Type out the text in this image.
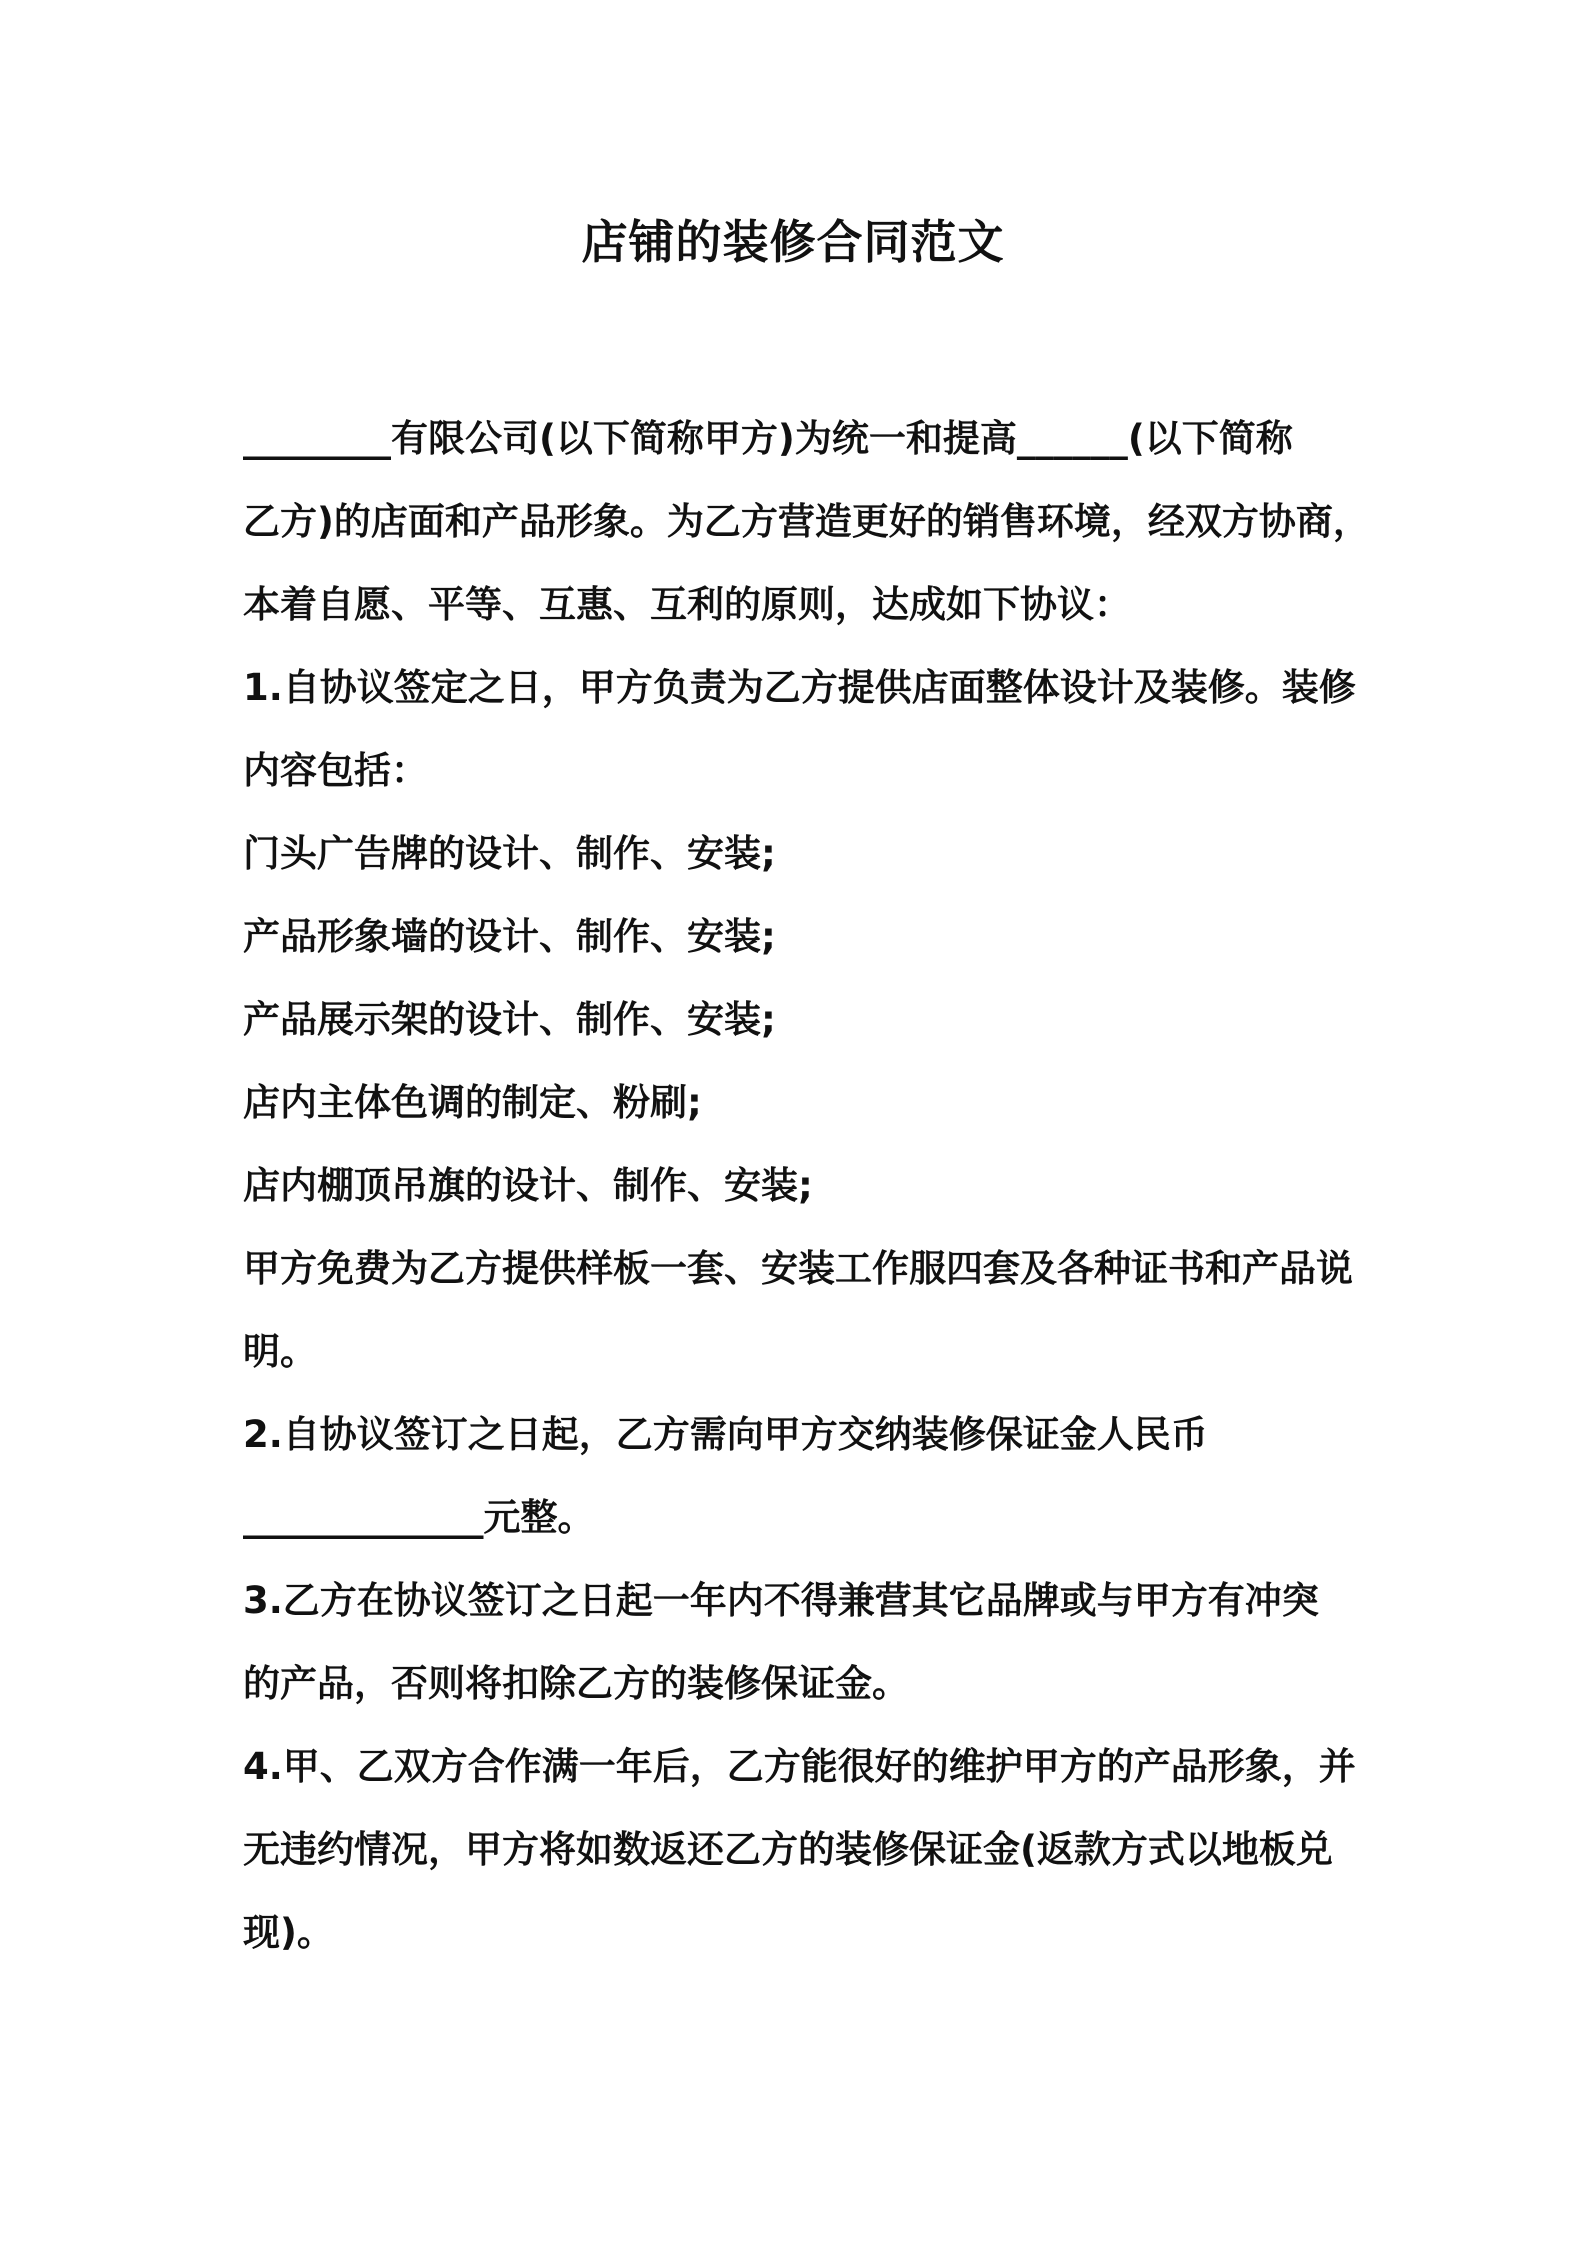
店铺的装修合同范文
________有限公司(以下简称甲方)为统一和提高______(以下简称
乙方)的店面和产品形象。为乙方营造更好的销售环境，经双方协商，
本着自愿、平等、互惠、互利的原则，达成如下协议：
1.自协议签定之日，甲方负责为乙方提供店面整体设计及装修。装修
内容包括：
门头广告牌的设计、制作、安装;
产品形象墙的设计、制作、安装;
产品展示架的设计、制作、安装;
店内主体色调的制定、粉刷;
店内棚顶吊旗的设计、制作、安装;
甲方免费为乙方提供样板一套、安装工作服四套及各种证书和产品说
明。
2.自协议签订之日起，乙方需向甲方交纳装修保证金人民币
_____________元整。
3.乙方在协议签订之日起一年内不得兼营其它品牌或与甲方有冲突
的产品，否则将扣除乙方的装修保证金。
4.甲、乙双方合作满一年后，乙方能很好的维护甲方的产品形象，并
无违约情况，甲方将如数返还乙方的装修保证金(返款方式以地板兑
现)。
